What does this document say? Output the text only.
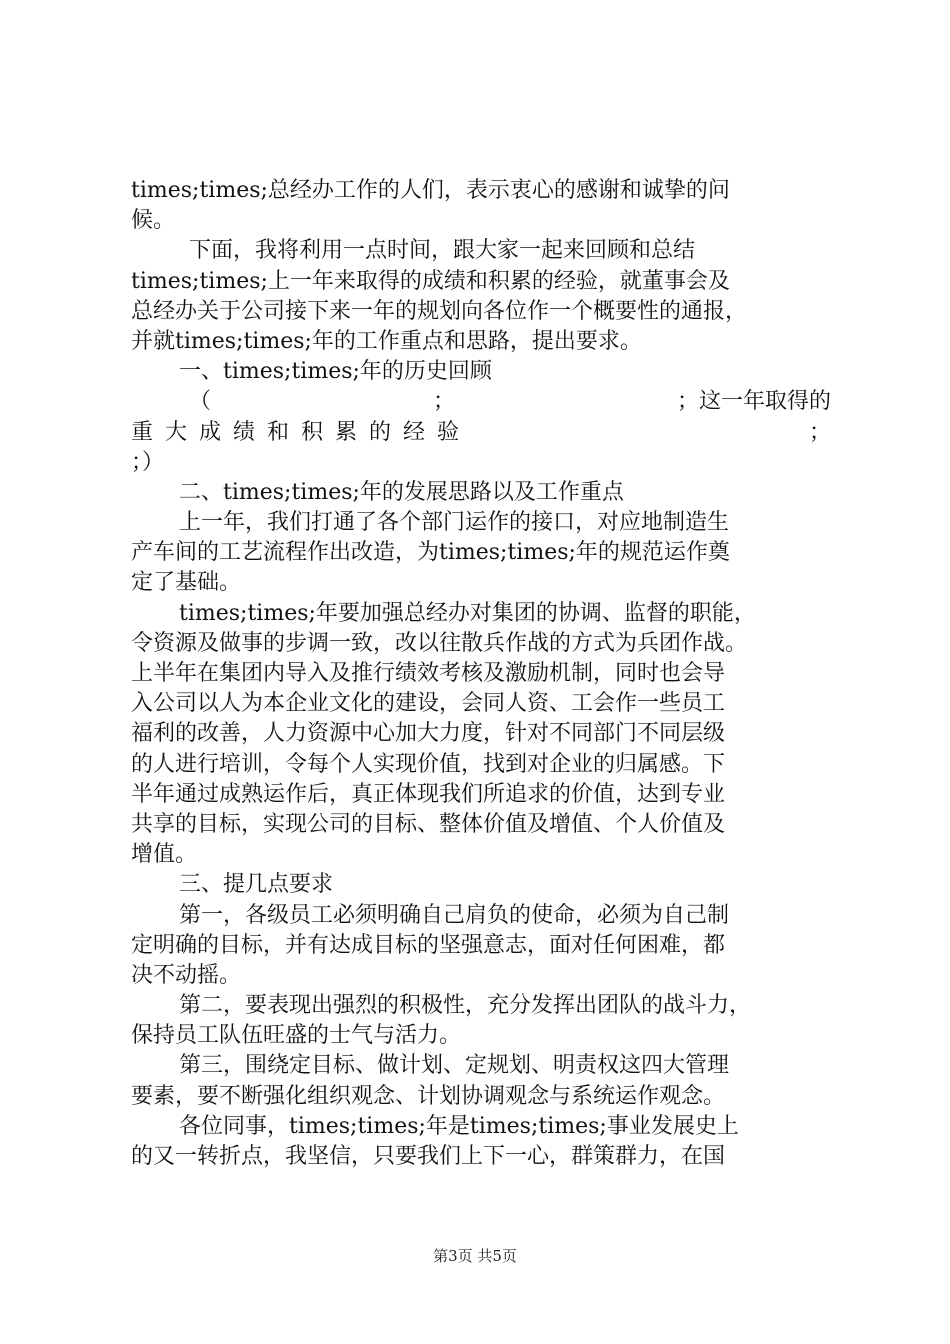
times;times;总经办工作的人们，表示衷心的感谢和诚挚的问

候。

下面，我将利用一点时间，跟大家一起来回顾和总结

times;times;上一年来取得的成绩和积累的经验，就董事会及

总经办关于公司接下来一年的规划向各位作一个概要性的通报，

并就times;times;年的工作重点和思路，提出要求。

一、times;times;年的历史回顾

（	；	；这一年取得的
重大成绩和积累的经验	；

；）

二、times;times;年的发展思路以及工作重点

上一年，我们打通了各个部门运作的接口，对应地制造生

产车间的工艺流程作出改造，为times;times;年的规范运作奠

定了基础。

times;times;年要加强总经办对集团的协调、监督的职能，

令资源及做事的步调一致，改以往散兵作战的方式为兵团作战。

上半年在集团内导入及推行绩效考核及激励机制，同时也会导

入公司以人为本企业文化的建设，会同人资、工会作一些员工

福利的改善，人力资源中心加大力度，针对不同部门不同层级

的人进行培训，令每个人实现价值，找到对企业的归属感。下

半年通过成熟运作后，真正体现我们所追求的价值，达到专业

共享的目标，实现公司的目标、整体价值及增值、个人价值及

增值。

三、提几点要求

第一，各级员工必须明确自己肩负的使命，必须为自己制

定明确的目标，并有达成目标的坚强意志，面对任何困难，都

决不动摇。

第二，要表现出强烈的积极性，充分发挥出团队的战斗力，

保持员工队伍旺盛的士气与活力。

第三，围绕定目标、做计划、定规划、明责权这四大管理

要素，要不断强化组织观念、计划协调观念与系统运作观念。

各位同事，times;times;年是times;times;事业发展史上

的又一转折点，我坚信，只要我们上下一心，群策群力，在国

第3页 共5页
